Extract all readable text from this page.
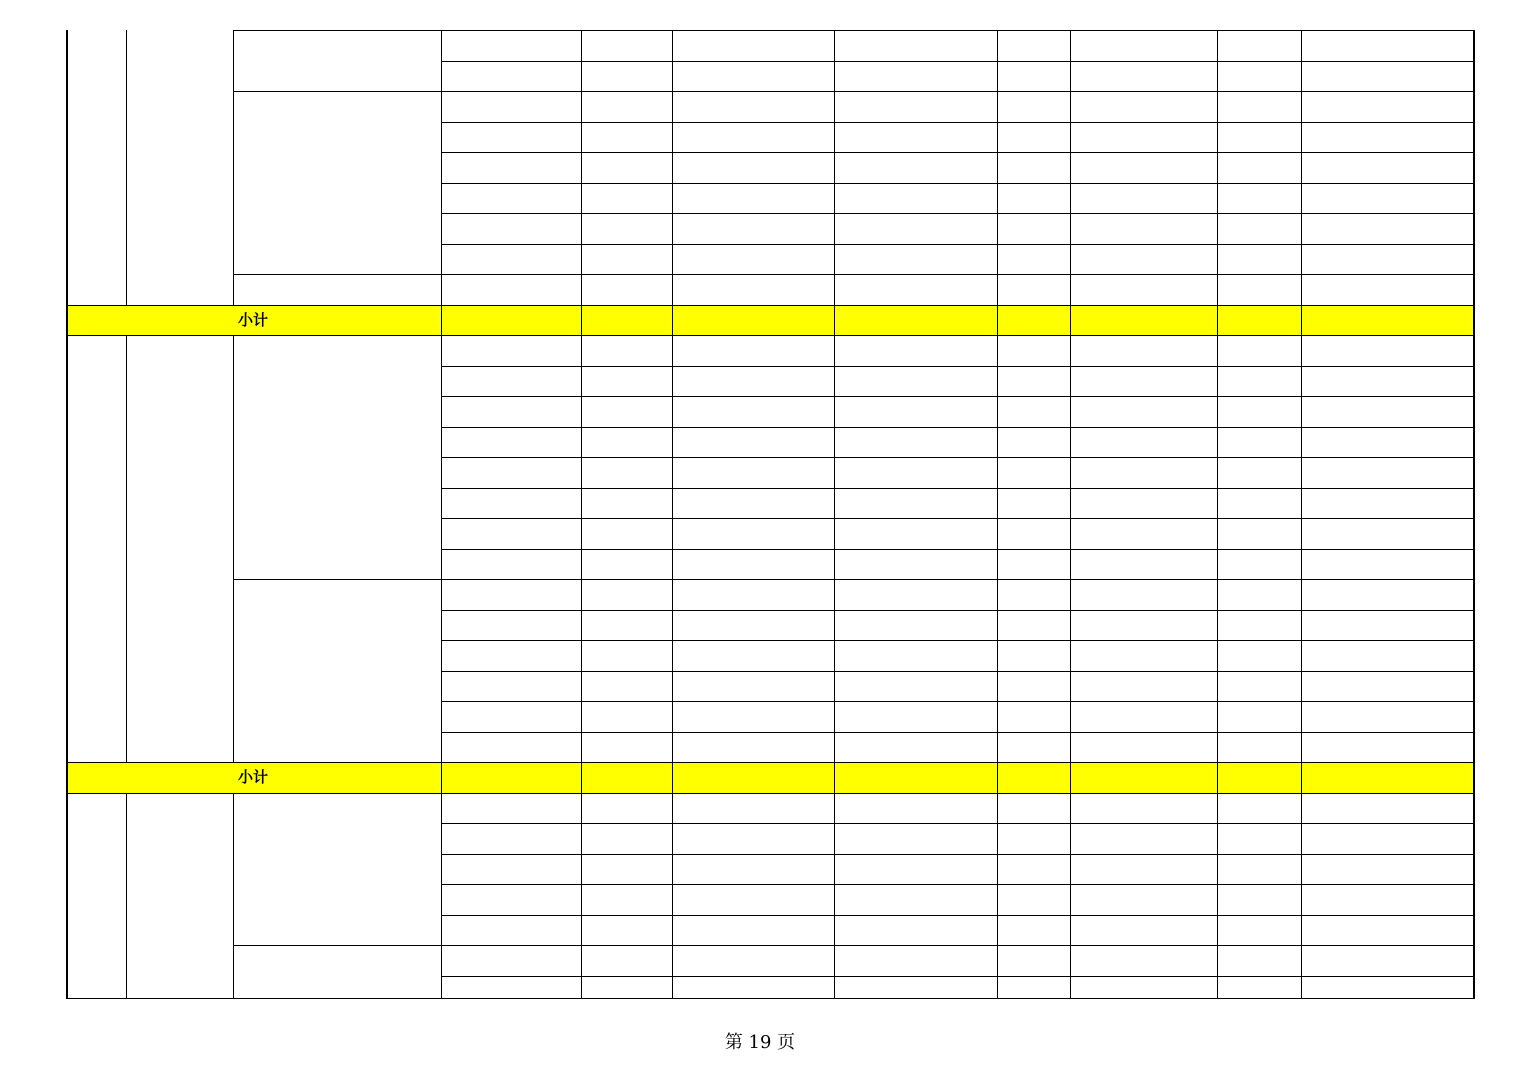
小计
小计
第 19 页
